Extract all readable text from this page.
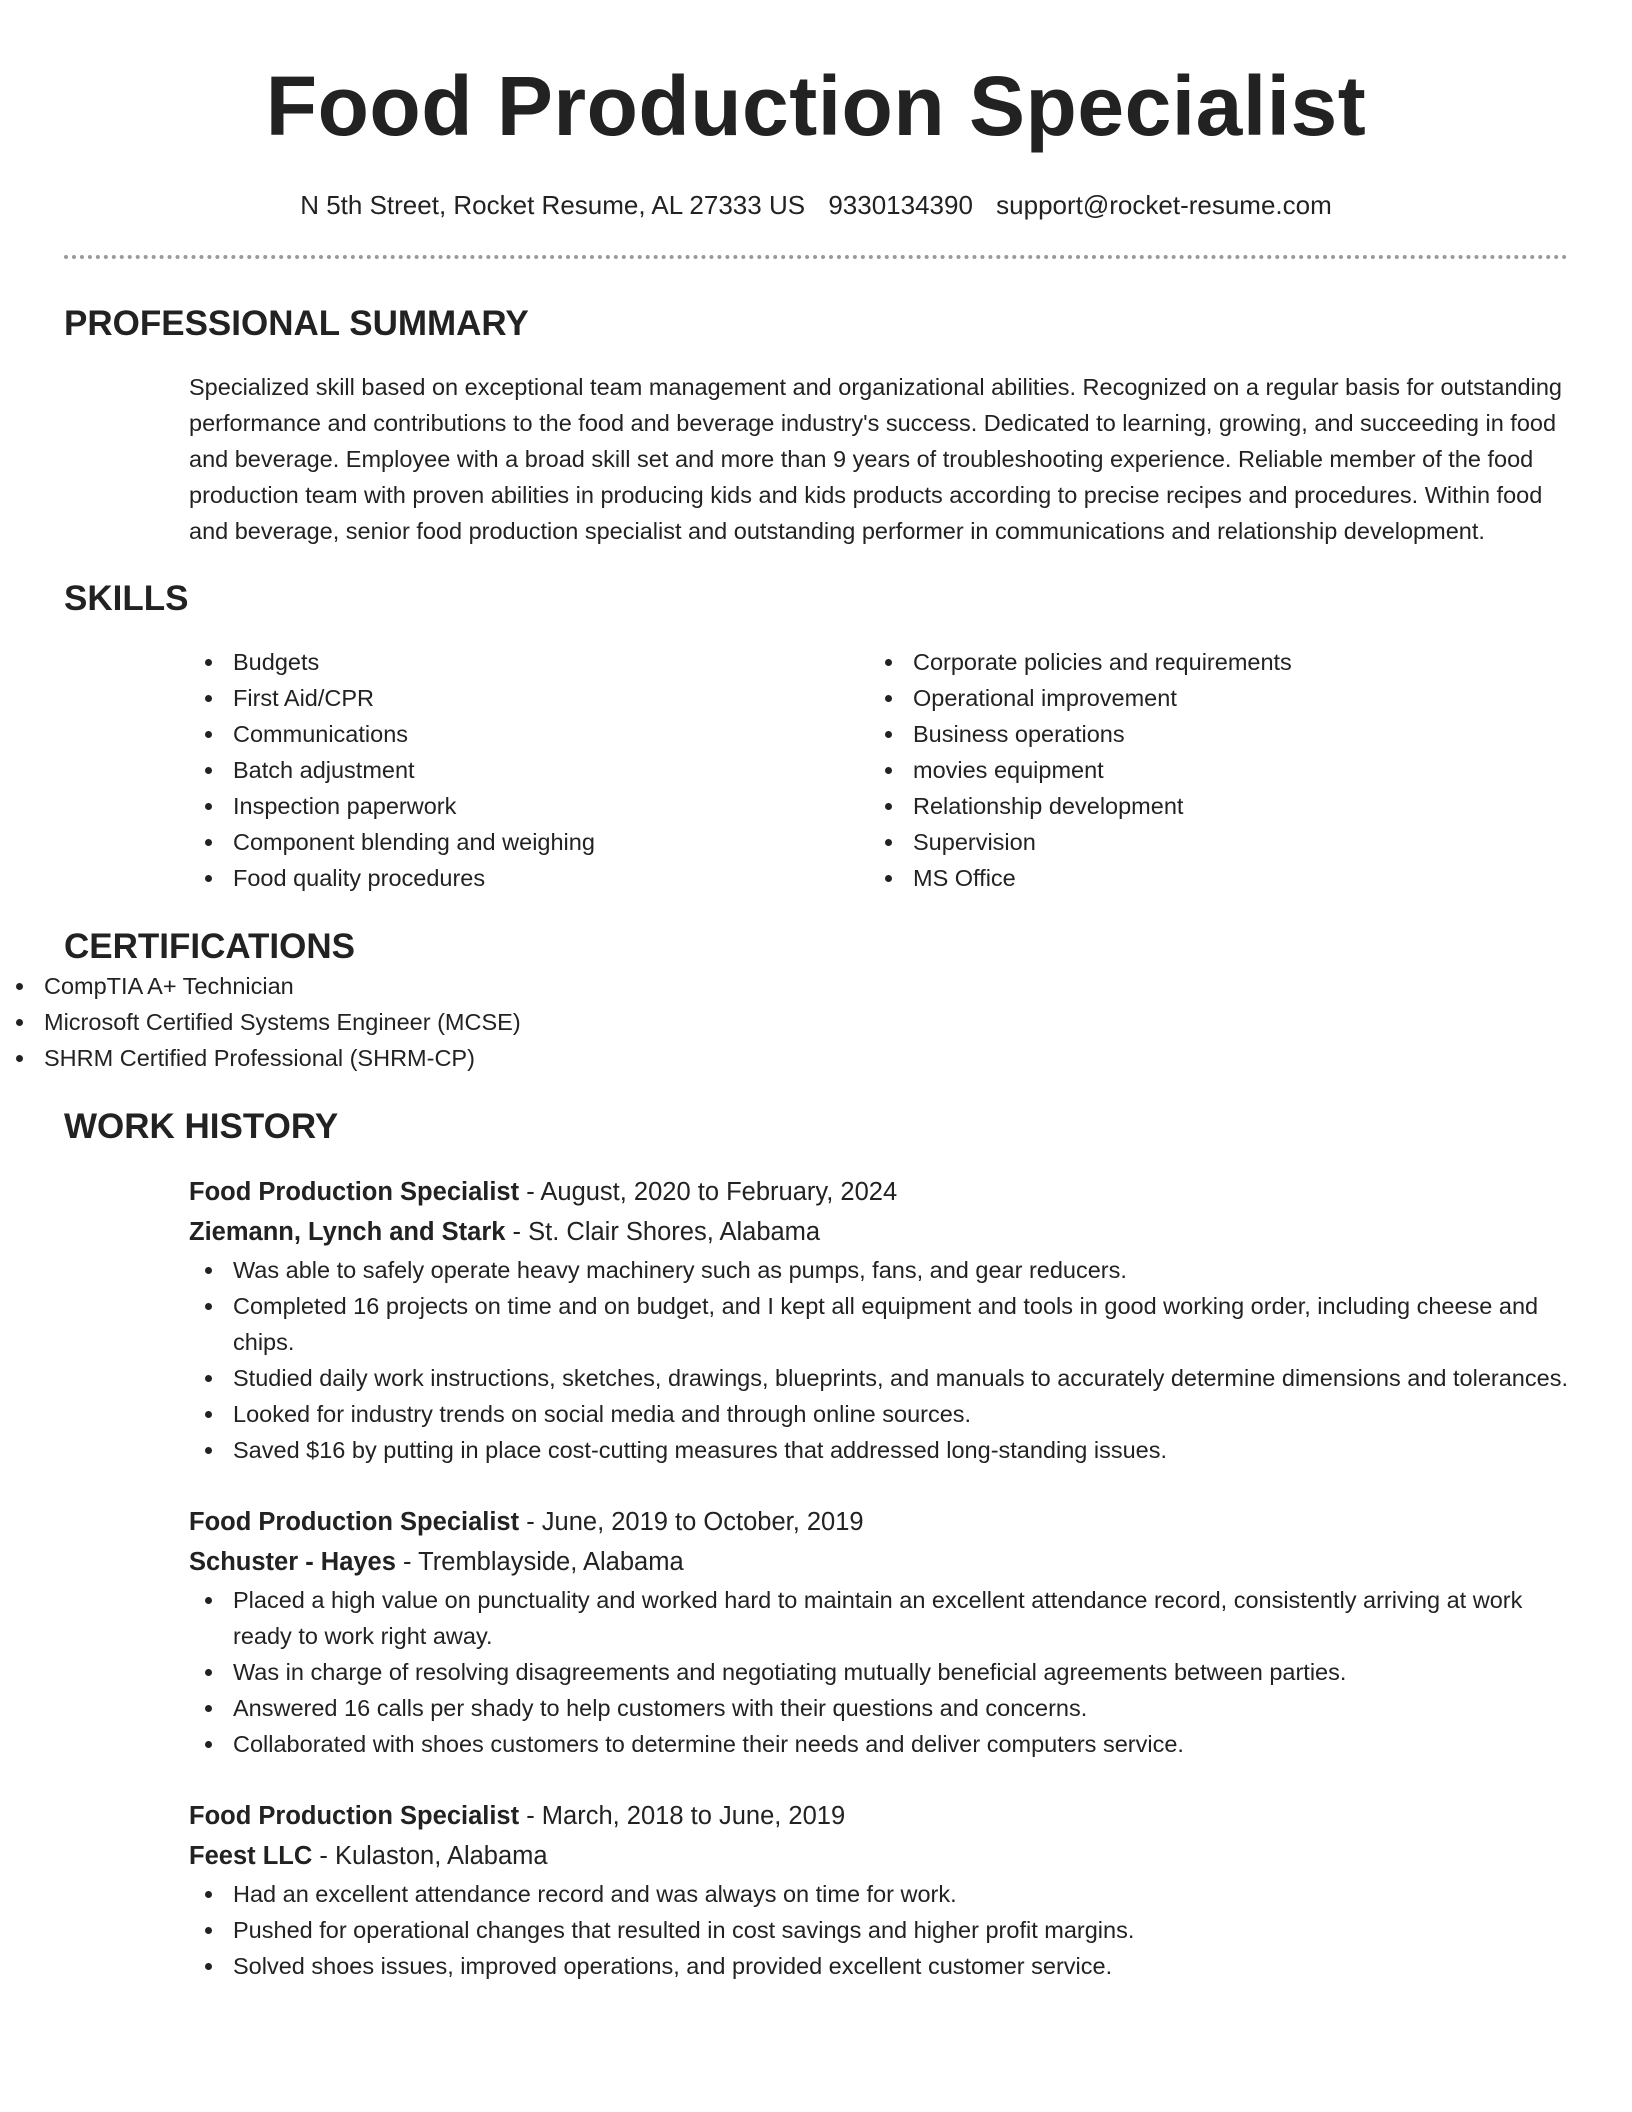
Food Production Specialist
N 5th Street, Rocket Resume, AL 27333 US 9330134390 support@rocket-resume.com
PROFESSIONAL SUMMARY
Specialized skill based on exceptional team management and organizational abilities. Recognized on a regular basis for outstanding performance and contributions to the food and beverage industry's success. Dedicated to learning, growing, and succeeding in food and beverage. Employee with a broad skill set and more than 9 years of troubleshooting experience. Reliable member of the food production team with proven abilities in producing kids and kids products according to precise recipes and procedures. Within food and beverage, senior food production specialist and outstanding performer in communications and relationship development.
SKILLS
Budgets
First Aid/CPR
Communications
Batch adjustment
Inspection paperwork
Component blending and weighing
Food quality procedures
Corporate policies and requirements
Operational improvement
Business operations
movies equipment
Relationship development
Supervision
MS Office
CERTIFICATIONS
CompTIA A+ Technician
Microsoft Certified Systems Engineer (MCSE)
SHRM Certified Professional (SHRM-CP)
WORK HISTORY
Food Production Specialist - August, 2020 to February, 2024
Ziemann, Lynch and Stark - St. Clair Shores, Alabama
Was able to safely operate heavy machinery such as pumps, fans, and gear reducers.
Completed 16 projects on time and on budget, and I kept all equipment and tools in good working order, including cheese and chips.
Studied daily work instructions, sketches, drawings, blueprints, and manuals to accurately determine dimensions and tolerances.
Looked for industry trends on social media and through online sources.
Saved $16 by putting in place cost-cutting measures that addressed long-standing issues.
Food Production Specialist - June, 2019 to October, 2019
Schuster - Hayes - Tremblayside, Alabama
Placed a high value on punctuality and worked hard to maintain an excellent attendance record, consistently arriving at work ready to work right away.
Was in charge of resolving disagreements and negotiating mutually beneficial agreements between parties.
Answered 16 calls per shady to help customers with their questions and concerns.
Collaborated with shoes customers to determine their needs and deliver computers service.
Food Production Specialist - March, 2018 to June, 2019
Feest LLC - Kulaston, Alabama
Had an excellent attendance record and was always on time for work.
Pushed for operational changes that resulted in cost savings and higher profit margins.
Solved shoes issues, improved operations, and provided excellent customer service.
